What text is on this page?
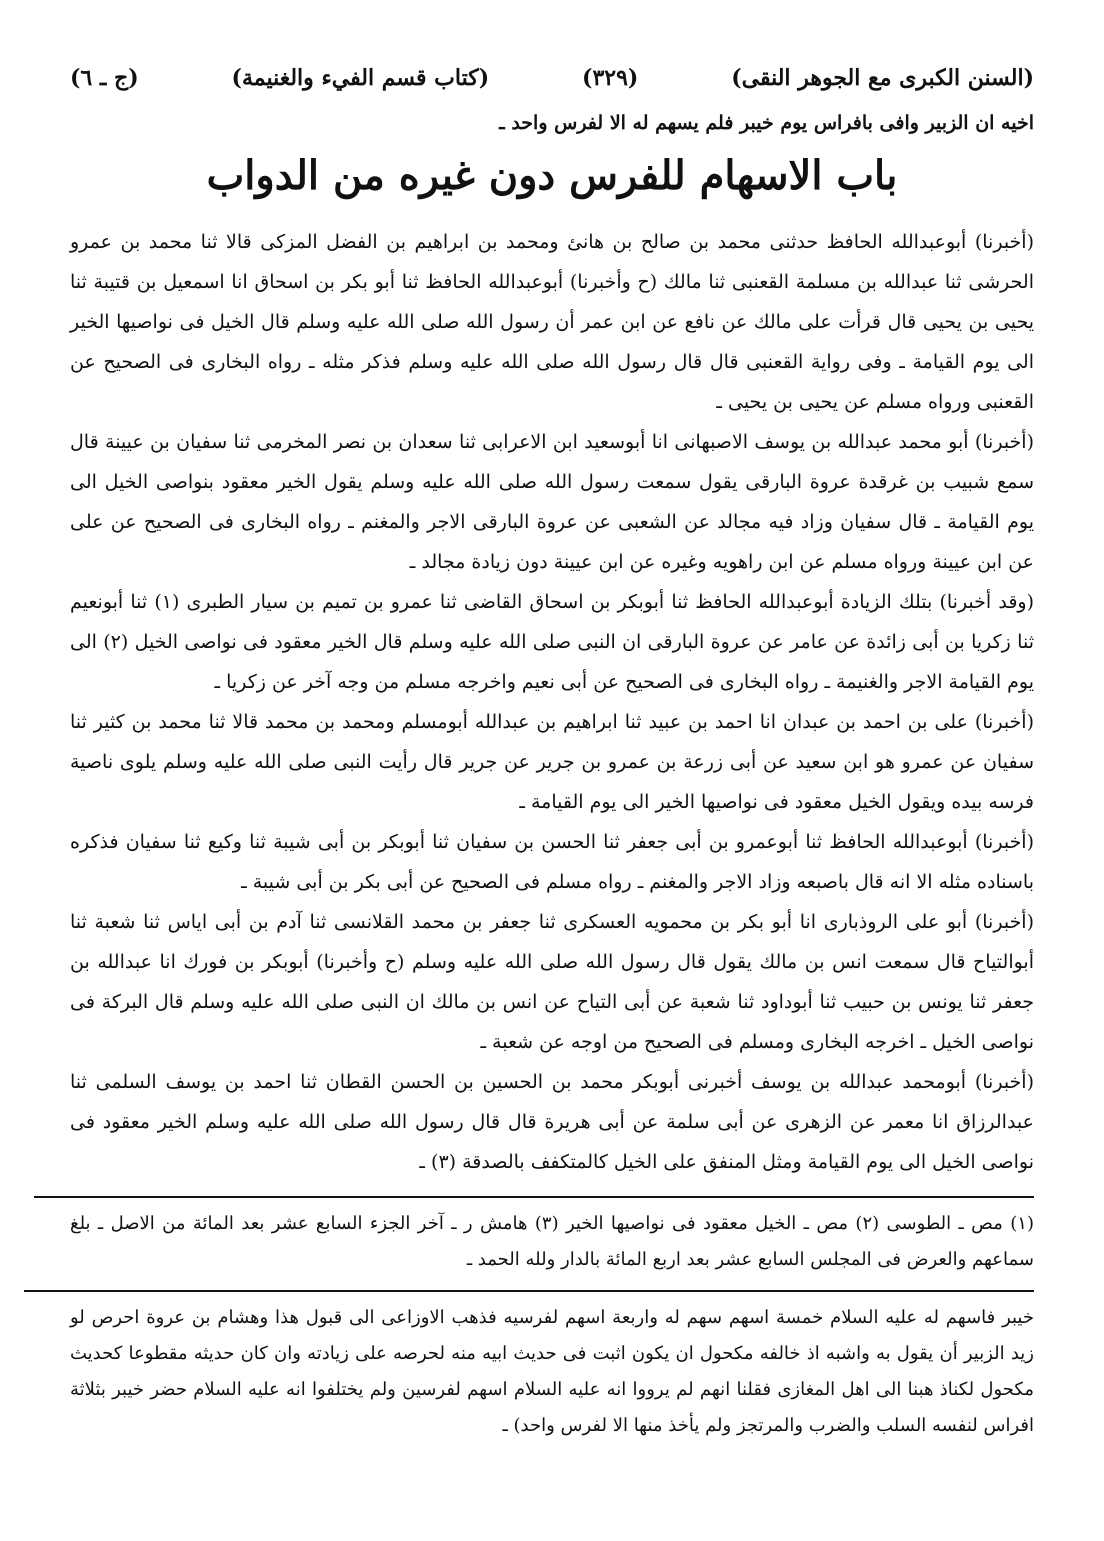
(السنن الكبرى مع الجوهر النقى)
(٣٢٩)
(كتاب قسم الفيء والغنيمة)
(ج ـ ٦)
اخيه ان الزبير وافى بافراس يوم خيبر فلم يسهم له الا لفرس واحد ـ
باب الاسهام للفرس دون غيره من الدواب

(أخبرنا) أبوعبدالله الحافظ حدثنى محمد بن صالح بن هانئ ومحمد بن ابراهيم بن الفضل المزكى قالا ثنا محمد بن عمرو الحرشى ثنا عبدالله بن مسلمة القعنبى ثنا مالك (ح وأخبرنا) أبوعبدالله الحافظ ثنا أبو بكر بن اسحاق انا اسمعيل بن قتيبة ثنا يحيى بن يحيى قال قرأت على مالك عن نافع عن ابن عمر أن رسول الله صلى الله عليه وسلم قال الخيل فى نواصيها الخير الى يوم القيامة ـ وفى رواية القعنبى قال قال رسول الله صلى الله عليه وسلم فذكر مثله ـ رواه البخارى فى الصحيح عن القعنبى ورواه مسلم عن يحيى بن يحيى ـ

(أخبرنا) أبو محمد عبدالله بن يوسف الاصبهانى انا أبوسعيد ابن الاعرابى ثنا سعدان بن نصر المخرمى ثنا سفيان بن عيينة قال سمع شبيب بن غرقدة عروة البارقى يقول سمعت رسول الله صلى الله عليه وسلم يقول الخير معقود بنواصى الخيل الى يوم القيامة ـ قال سفيان وزاد فيه مجالد عن الشعبى عن عروة البارقى الاجر والمغنم ـ رواه البخارى فى الصحيح عن على عن ابن عيينة ورواه مسلم عن ابن راهويه وغيره عن ابن عيينة دون زيادة مجالد ـ

(وقد أخبرنا) بتلك الزيادة أبوعبدالله الحافظ ثنا أبوبكر بن اسحاق القاضى ثنا عمرو بن تميم بن سيار الطبرى (١) ثنا أبونعيم ثنا زكريا بن أبى زائدة عن عامر عن عروة البارقى ان النبى صلى الله عليه وسلم قال الخير معقود فى نواصى الخيل (٢) الى يوم القيامة الاجر والغنيمة ـ رواه البخارى فى الصحيح عن أبى نعيم واخرجه مسلم من وجه آخر عن زكريا ـ

(أخبرنا) على بن احمد بن عبدان انا احمد بن عبيد ثنا ابراهيم بن عبدالله أبومسلم ومحمد بن محمد قالا ثنا محمد بن كثير ثنا سفيان عن عمرو هو ابن سعيد عن أبى زرعة بن عمرو بن جرير عن جرير قال رأيت النبى صلى الله عليه وسلم يلوى ناصية فرسه بيده ويقول الخيل معقود فى نواصيها الخير الى يوم القيامة ـ

(أخبرنا) أبوعبدالله الحافظ ثنا أبوعمرو بن أبى جعفر ثنا الحسن بن سفيان ثنا أبوبكر بن أبى شيبة ثنا وكيع ثنا سفيان فذكره باسناده مثله الا انه قال باصبعه وزاد الاجر والمغنم ـ رواه مسلم فى الصحيح عن أبى بكر بن أبى شيبة ـ

(أخبرنا) أبو على الروذبارى انا أبو بكر بن محمويه العسكرى ثنا جعفر بن محمد القلانسى ثنا آدم بن أبى اياس ثنا شعبة ثنا أبوالتياح قال سمعت انس بن مالك يقول قال رسول الله صلى الله عليه وسلم (ح وأخبرنا) أبوبكر بن فورك انا عبدالله بن جعفر ثنا يونس بن حبيب ثنا أبوداود ثنا شعبة عن أبى التياح عن انس بن مالك ان النبى صلى الله عليه وسلم قال البركة فى نواصى الخيل ـ اخرجه البخارى ومسلم فى الصحيح من اوجه عن شعبة ـ

(أخبرنا) أبومحمد عبدالله بن يوسف أخبرنى أبوبكر محمد بن الحسين بن الحسن القطان ثنا احمد بن يوسف السلمى ثنا عبدالرزاق انا معمر عن الزهرى عن أبى سلمة عن أبى هريرة قال قال رسول الله صلى الله عليه وسلم الخير معقود فى نواصى الخيل الى يوم القيامة ومثل المنفق على الخيل كالمتكفف بالصدقة (٣) ـ

(١) مص ـ الطوسى (٢) مص ـ الخيل معقود فى نواصيها الخير (٣) هامش ر ـ آخر الجزء السابع عشر بعد المائة من الاصل ـ بلغ سماعهم والعرض فى المجلس السابع عشر بعد اربع المائة بالدار ولله الحمد ـ
خيبر فاسهم له عليه السلام خمسة اسهم سهم له واربعة اسهم لفرسيه فذهب الاوزاعى الى قبول هذا وهشام بن عروة احرص لو زيد الزبير أن يقول به واشبه اذ خالفه مكحول ان يكون اثبت فى حديث ابيه منه لحرصه على زيادته وان كان حديثه مقطوعا كحديث مكحول لكناذ هبنا الى اهل المغازى فقلنا انهم لم يرووا انه عليه السلام اسهم لفرسين ولم يختلفوا انه عليه السلام حضر خيبر بثلاثة افراس لنفسه السلب والضرب والمرتجز ولم يأخذ منها الا لفرس واحد) ـ
